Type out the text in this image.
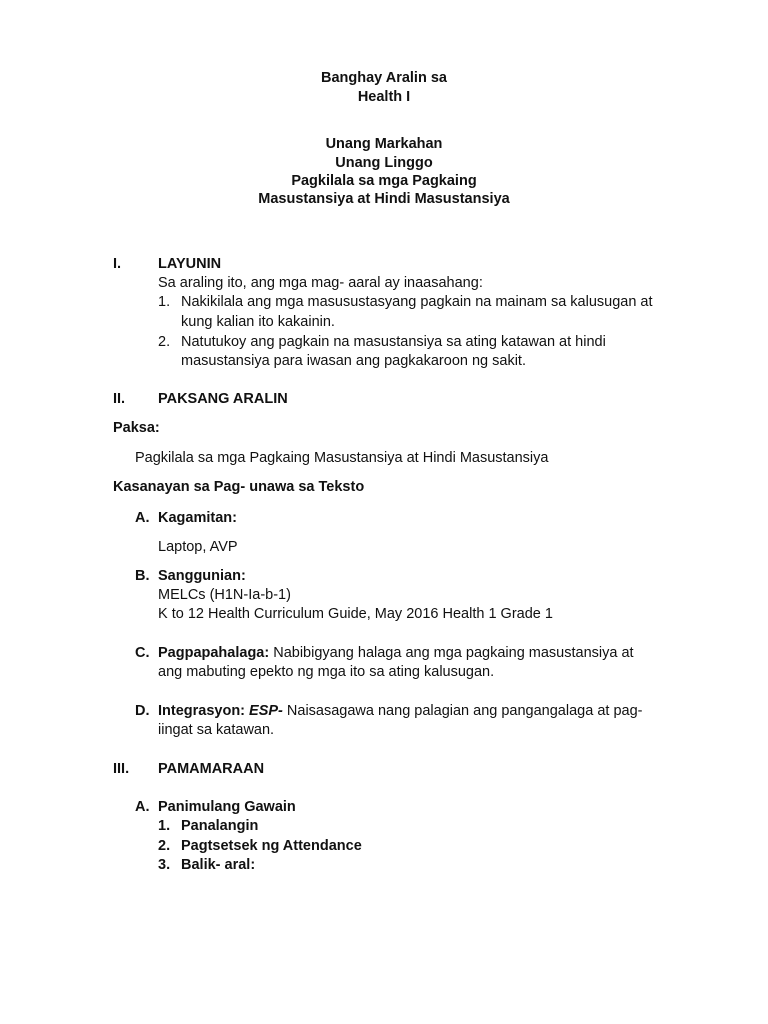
Banghay Aralin sa
Health I
Unang Markahan
Unang Linggo
Pagkilala sa mga Pagkaing
Masustansiya at Hindi Masustansiya
I.	LAYUNIN
Sa araling ito, ang mga mag- aaral ay inaasahang:
1. Nakikilala ang mga masusustasyang pagkain na mainam sa kalusugan at
kung kalian ito kakainin.
2. Natutukoy ang pagkain na masustansiya sa ating katawan at hindi
masustansiya para iwasan ang pagkakaroon ng sakit.
II. PAKSANG ARALIN
Paksa:
Pagkilala sa mga Pagkaing Masustansiya at Hindi Masustansiya
Kasanayan sa Pag- unawa sa Teksto
A. Kagamitan:
Laptop, AVP
B. Sanggunian:
MELCs (H1N-Ia-b-1)
K to 12 Health Curriculum Guide, May 2016 Health 1 Grade 1
C. Pagpapahalaga: Nabibigyang halaga ang mga pagkaing masustansiya at
ang mabuting epekto ng mga ito sa ating kalusugan.
D. Integrasyon: ESP- Naisasagawa nang palagian ang pangangalaga at pag-
iingat sa katawan.
III. PAMAMARAAN
A. Panimulang Gawain
1. Panalangin
2. Pagtsetsek ng Attendance
3. Balik- aral:
